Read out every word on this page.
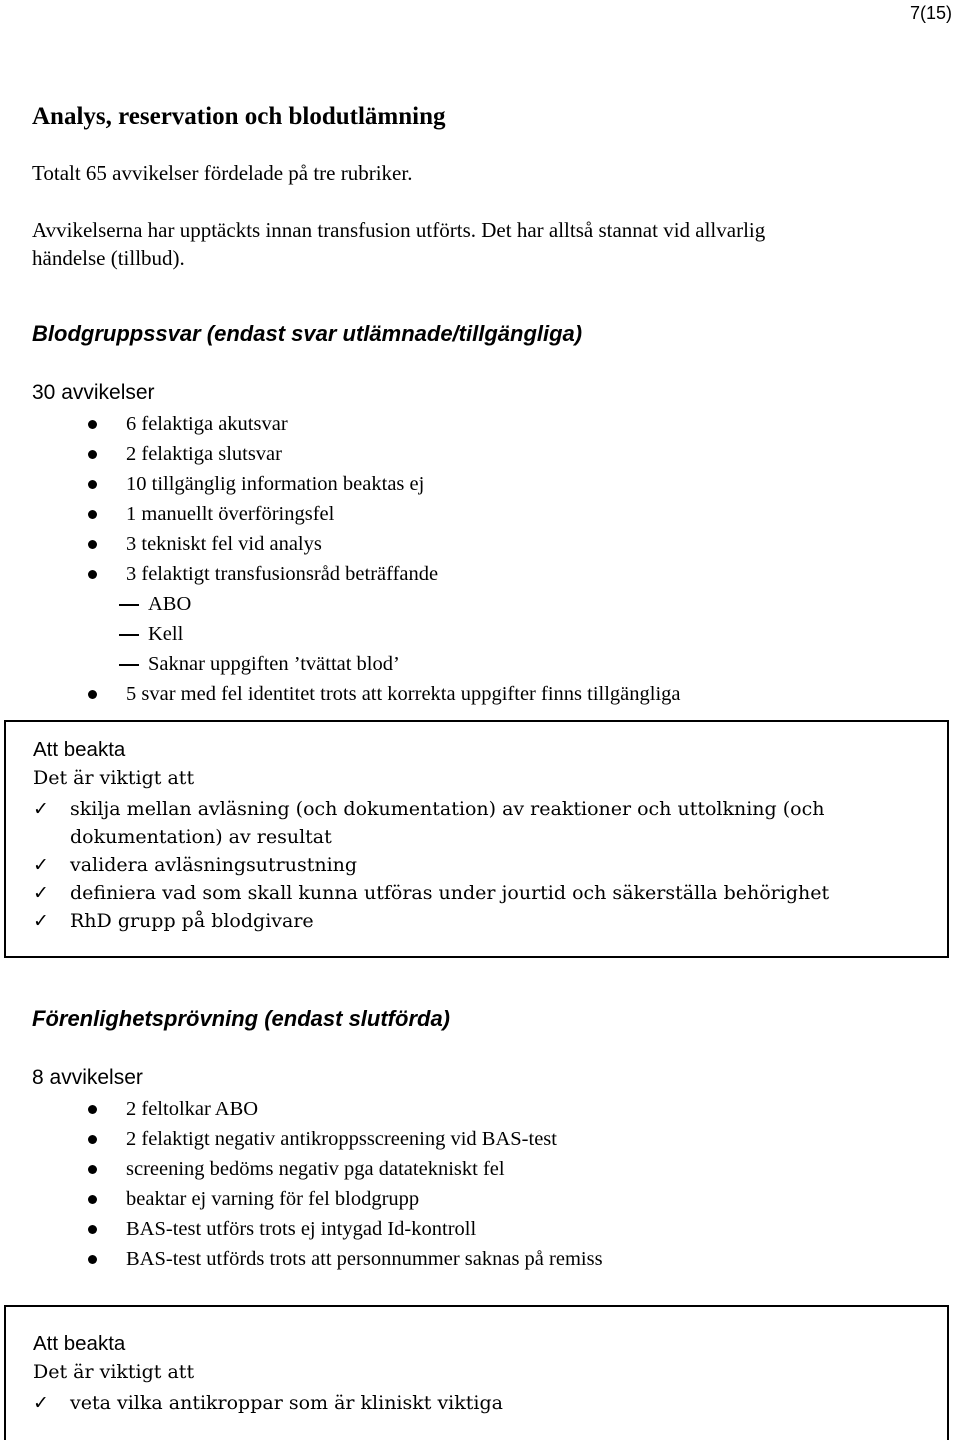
7(15)
Analys, reservation och blodutlämning
Totalt 65 avvikelser fördelade på tre rubriker.
Avvikelserna har upptäckts innan transfusion utförts. Det har alltså stannat vid allvarlig
händelse (tillbud).
Blodgruppssvar (endast svar utlämnade/tillgängliga)
30 avvikelser
6 felaktiga akutsvar
2 felaktiga slutsvar
10 tillgänglig information beaktas ej
1 manuellt överföringsfel
3 tekniskt fel vid analys
3 felaktigt transfusionsråd beträffande
ABO
Kell
Saknar uppgiften ’tvättat blod’
5 svar med fel identitet trots att korrekta uppgifter finns tillgängliga
Att beakta
Det är viktigt att
✓ skilja mellan avläsning (och dokumentation) av reaktioner och uttolkning (och
dokumentation) av resultat
✓ validera avläsningsutrustning
✓ definiera vad som skall kunna utföras under jourtid och säkerställa behörighet
✓ RhD grupp på blodgivare
Förenlighetsprövning (endast slutförda)
8 avvikelser
2 feltolkar ABO
2 felaktigt negativ antikroppsscreening vid BAS-test
screening bedöms negativ pga datatekniskt fel
beaktar ej varning för fel blodgrupp
BAS-test utförs trots ej intygad Id-kontroll
BAS-test utförds trots att personnummer saknas på remiss
Att beakta
Det är viktigt att
✓ veta vilka antikroppar som är kliniskt viktiga
